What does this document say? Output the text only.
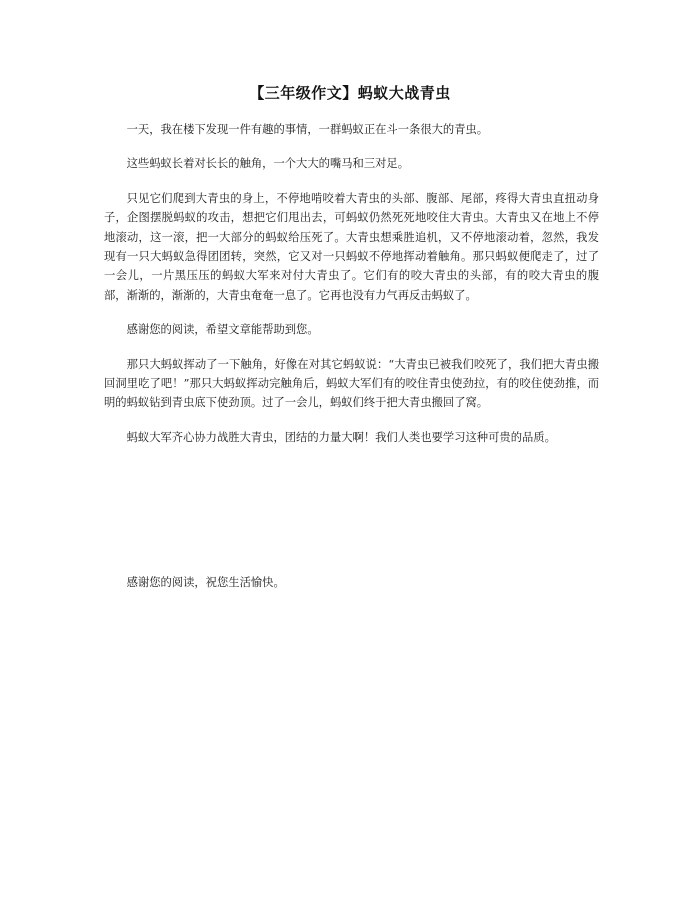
【三年级作文】蚂蚁大战青虫

一天，我在楼下发现一件有趣的事情，一群蚂蚁正在斗一条很大的青虫。

这些蚂蚁长着对长长的触角，一个大大的嘴马和三对足。

只见它们爬到大青虫的身上，不停地啃咬着大青虫的头部、腹部、尾部，疼得大青虫直扭动身子，企图摆脱蚂蚁的攻击，想把它们甩出去，可蚂蚁仍然死死地咬住大青虫。大青虫又在地上不停地滚动，这一滚，把一大部分的蚂蚁给压死了。大青虫想乘胜追机，又不停地滚动着，忽然，我发现有一只大蚂蚁急得团团转，突然，它又对一只蚂蚁不停地挥动着触角。那只蚂蚁便爬走了，过了一会儿，一片黑压压的蚂蚁大军来对付大青虫了。它们有的咬大青虫的头部，有的咬大青虫的腹部，渐渐的，渐渐的，大青虫奄奄一息了。它再也没有力气再反击蚂蚁了。

感谢您的阅读，希望文章能帮助到您。

那只大蚂蚁挥动了一下触角，好像在对其它蚂蚁说：“大青虫已被我们咬死了，我们把大青虫搬回洞里吃了吧！”那只大蚂蚁挥动完触角后，蚂蚁大军们有的咬住青虫使劲拉，有的咬住使劲推，而明的蚂蚁钻到青虫底下使劲顶。过了一会儿，蚂蚁们终于把大青虫搬回了窝。

蚂蚁大军齐心协力战胜大青虫，团结的力量大啊！我们人类也要学习这种可贵的品质。

感谢您的阅读，祝您生活愉快。
